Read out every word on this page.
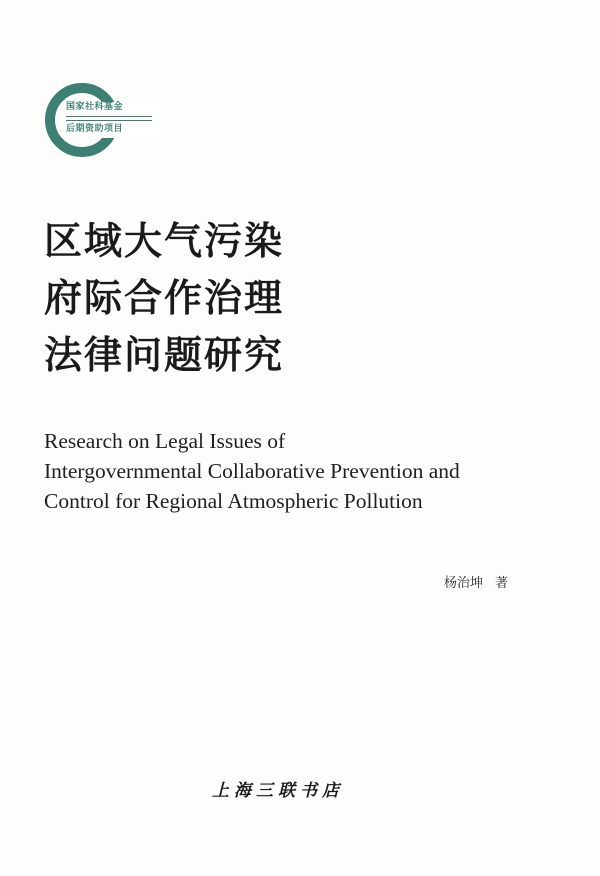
国家社科基金
后期资助项目
区域大气污染
府际合作治理
法律问题研究
Research on Legal Issues of
Intergovernmental Collaborative Prevention and
Control for Regional Atmospheric Pollution
杨治坤 著
上海三联书店
